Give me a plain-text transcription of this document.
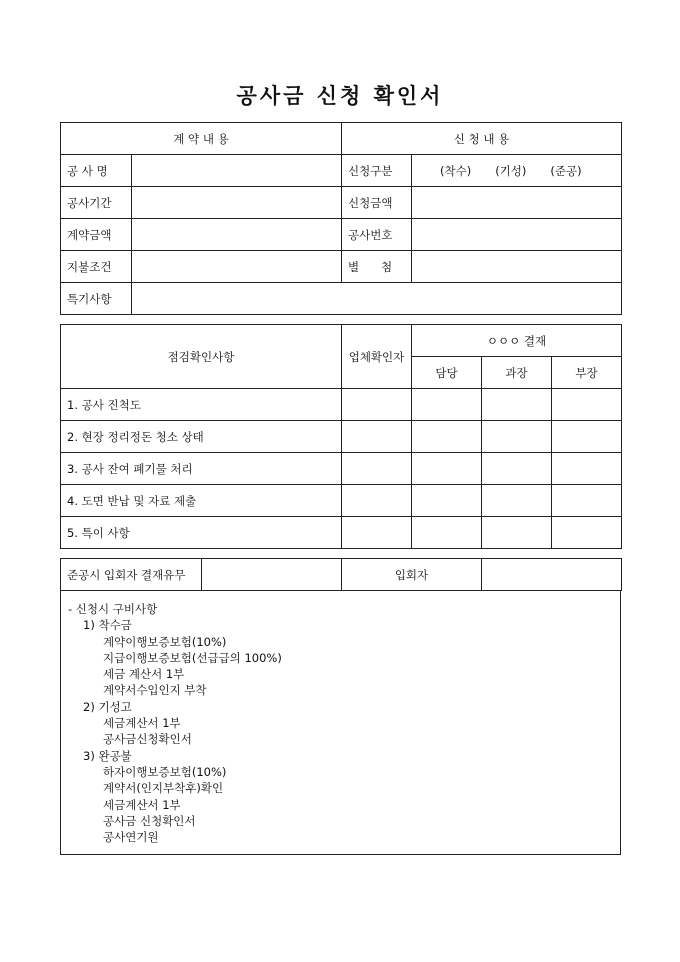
공사금 신청 확인서
계 약 내 용		신 청 내 용	
공 사 명		신청구분	(착수) (기성) (준공)
공사기간		신청금액	
계약금액		공사번호	
지불조건		별      첨	
특기사항			
점검확인사항	업체확인자	ㅇㅇㅇ 결재		
		담당	과장	부장
1. 공사 진척도				
2. 현장 정리정돈 청소 상태				
3. 공사 잔여 폐기물 처리				
4. 도면 반납 및 자료 제출				
5. 특이 사항				
준공시 입회자 결재유무		입회자	
- 신청시 구비사항
1) 착수금
계약이행보증보험(10%)
지급이행보증보험(선급급의 100%)
세금 계산서 1부
계약서수입인지 부착
2) 기성고
세금계산서 1부
공사금신청확인서
3) 완공불
하자이행보증보험(10%)
계약서(인지부착후)확인
세금계산서 1부
공사금 신청확인서
공사연기원
